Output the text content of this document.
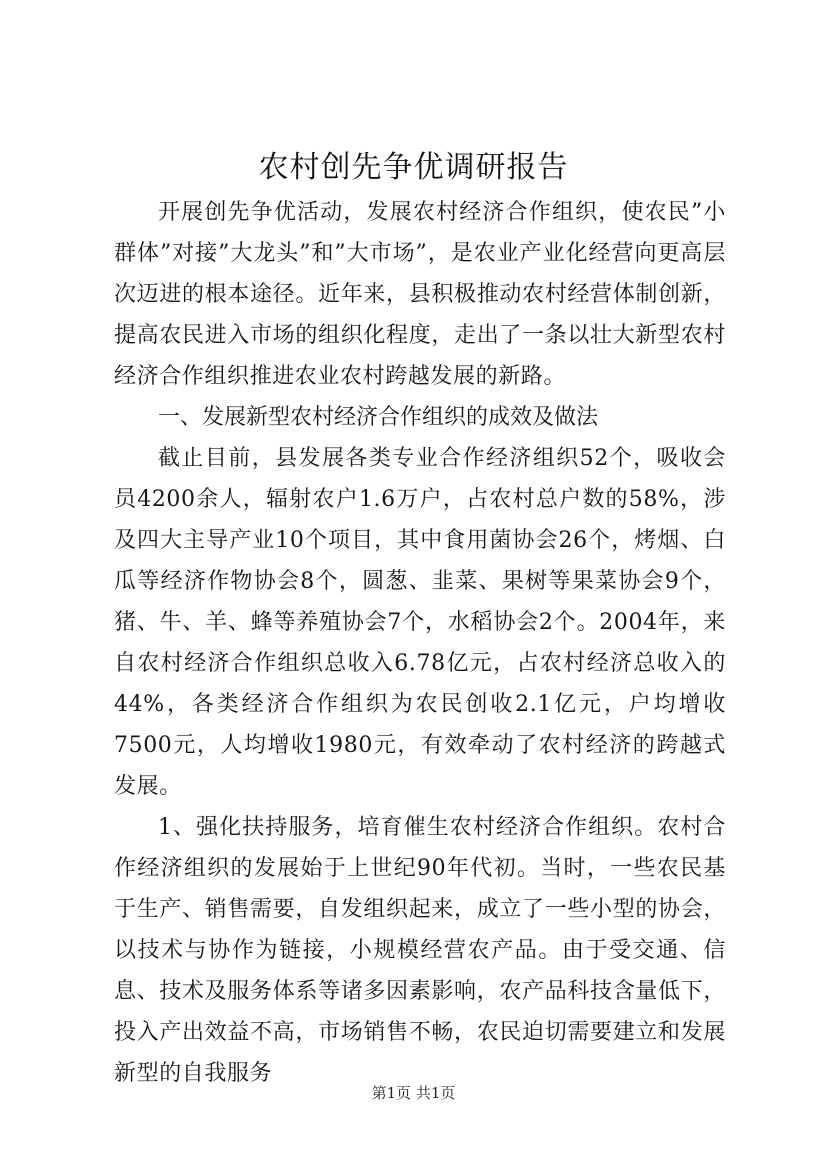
农村创先争优调研报告

开展创先争优活动，发展农村经济合作组织，使农民”小群体”对接”大龙头”和”大市场”，是农业产业化经营向更高层次迈进的根本途径。近年来，县积极推动农村经营体制创新，提高农民进入市场的组织化程度，走出了一条以壮大新型农村经济合作组织推进农业农村跨越发展的新路。

一、发展新型农村经济合作组织的成效及做法

截止目前，县发展各类专业合作经济组织52个，吸收会员4200余人，辐射农户1.6万户，占农村总户数的58%，涉及四大主导产业10个项目，其中食用菌协会26个，烤烟、白瓜等经济作物协会8个，圆葱、韭菜、果树等果菜协会9个，猪、牛、羊、蜂等养殖协会7个，水稻协会2个。2004年，来自农村经济合作组织总收入6.78亿元，占农村经济总收入的44%，各类经济合作组织为农民创收2.1亿元，户均增收7500元，人均增收1980元，有效牵动了农村经济的跨越式发展。

1、强化扶持服务，培育催生农村经济合作组织。农村合作经济组织的发展始于上世纪90年代初。当时，一些农民基于生产、销售需要，自发组织起来，成立了一些小型的协会，以技术与协作为链接，小规模经营农产品。由于受交通、信息、技术及服务体系等诸多因素影响，农产品科技含量低下，投入产出效益不高，市场销售不畅，农民迫切需要建立和发展新型的自我服务

第1页 共1页
